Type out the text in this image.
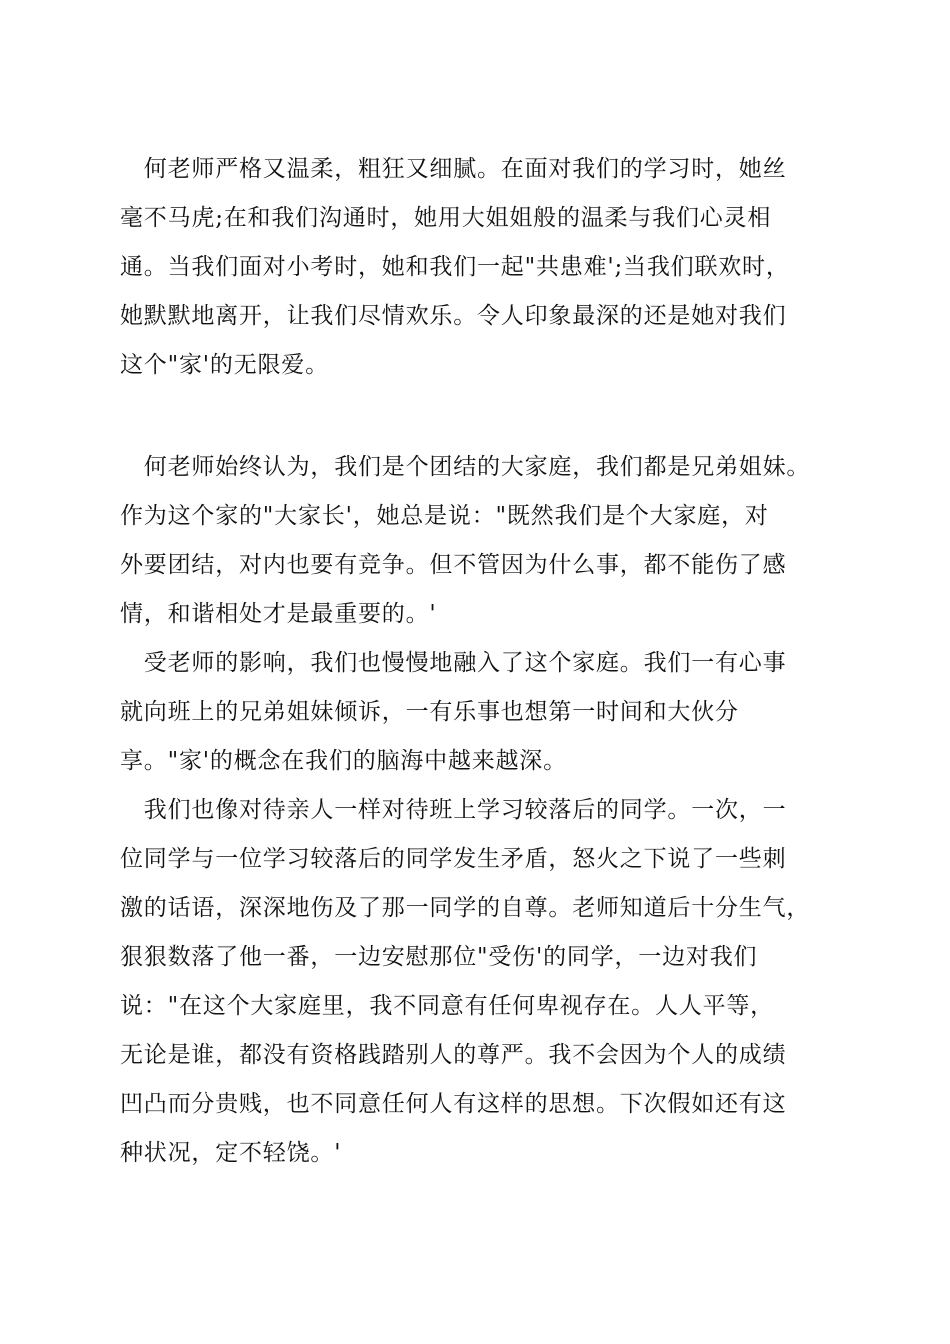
　何老师严格又温柔，粗狂又细腻。在面对我们的学习时，她丝
毫不马虎;在和我们沟通时，她用大姐姐般的温柔与我们心灵相
通。当我们面对小考时，她和我们一起"共患难';当我们联欢时，
她默默地离开，让我们尽情欢乐。令人印象最深的还是她对我们
这个"家'的无限爱。
　何老师始终认为，我们是个团结的大家庭，我们都是兄弟姐妹。
作为这个家的"大家长'，她总是说："既然我们是个大家庭，对
外要团结，对内也要有竞争。但不管因为什么事，都不能伤了感
情，和谐相处才是最重要的。'
　受老师的影响，我们也慢慢地融入了这个家庭。我们一有心事
就向班上的兄弟姐妹倾诉，一有乐事也想第一时间和大伙分
享。"家'的概念在我们的脑海中越来越深。
　我们也像对待亲人一样对待班上学习较落后的同学。一次，一
位同学与一位学习较落后的同学发生矛盾，怒火之下说了一些刺
激的话语，深深地伤及了那一同学的自尊。老师知道后十分生气，
狠狠数落了他一番，一边安慰那位"受伤'的同学，一边对我们
说："在这个大家庭里，我不同意有任何卑视存在。人人平等，
无论是谁，都没有资格践踏别人的尊严。我不会因为个人的成绩
凹凸而分贵贱，也不同意任何人有这样的思想。下次假如还有这
种状况，定不轻饶。'
